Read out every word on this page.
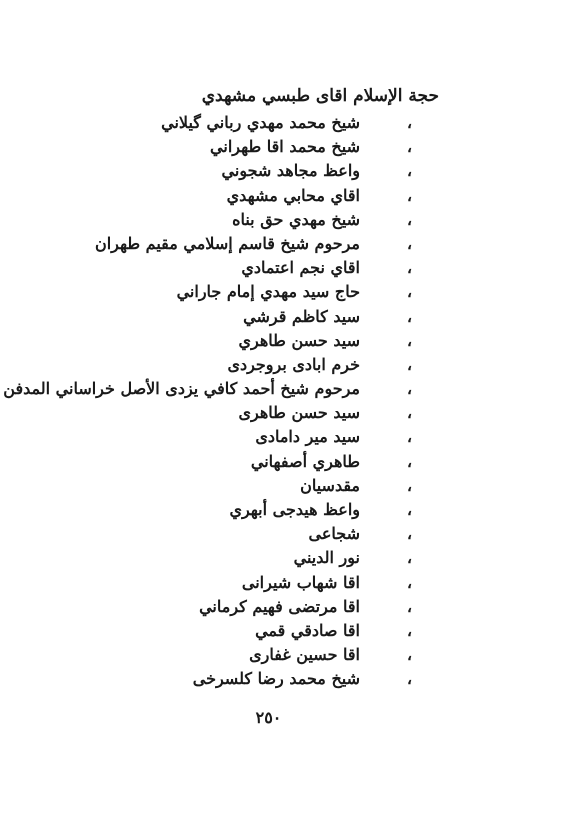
حجة الإسلام اقاى طبسي مشهدي
،
شيخ محمد مهدي رباني گيلاني
،
شيخ محمد اقا طهراني
،
واعظ مجاهد شجوني
،
اقاي محابي مشهدي
،
شيخ مهدي حق بناه
،
مرحوم شيخ قاسم إسلامي مقيم طهران
،
اقاي نجم اعتمادي
،
حاج سيد مهدي إمام جاراني
،
سيد كاظم قرشي
،
سيد حسن طاهري
،
خرم ابادى بروجردى
،
مرحوم شيخ أحمد كافي يزدى الأصل خراساني المدفن
،
سيد حسن طاهرى
،
سيد مير دامادى
،
طاهري أصفهاني
،
مقدسيان
،
واعظ هيدجى أبهري
،
شجاعى
،
نور الديني
،
اقا شهاب شيرانى
،
اقا مرتضى فهيم كرماني
،
اقا صادقي قمي
،
اقا حسين غفارى
،
شيخ محمد رضا كلسرخى
٢٥٠
